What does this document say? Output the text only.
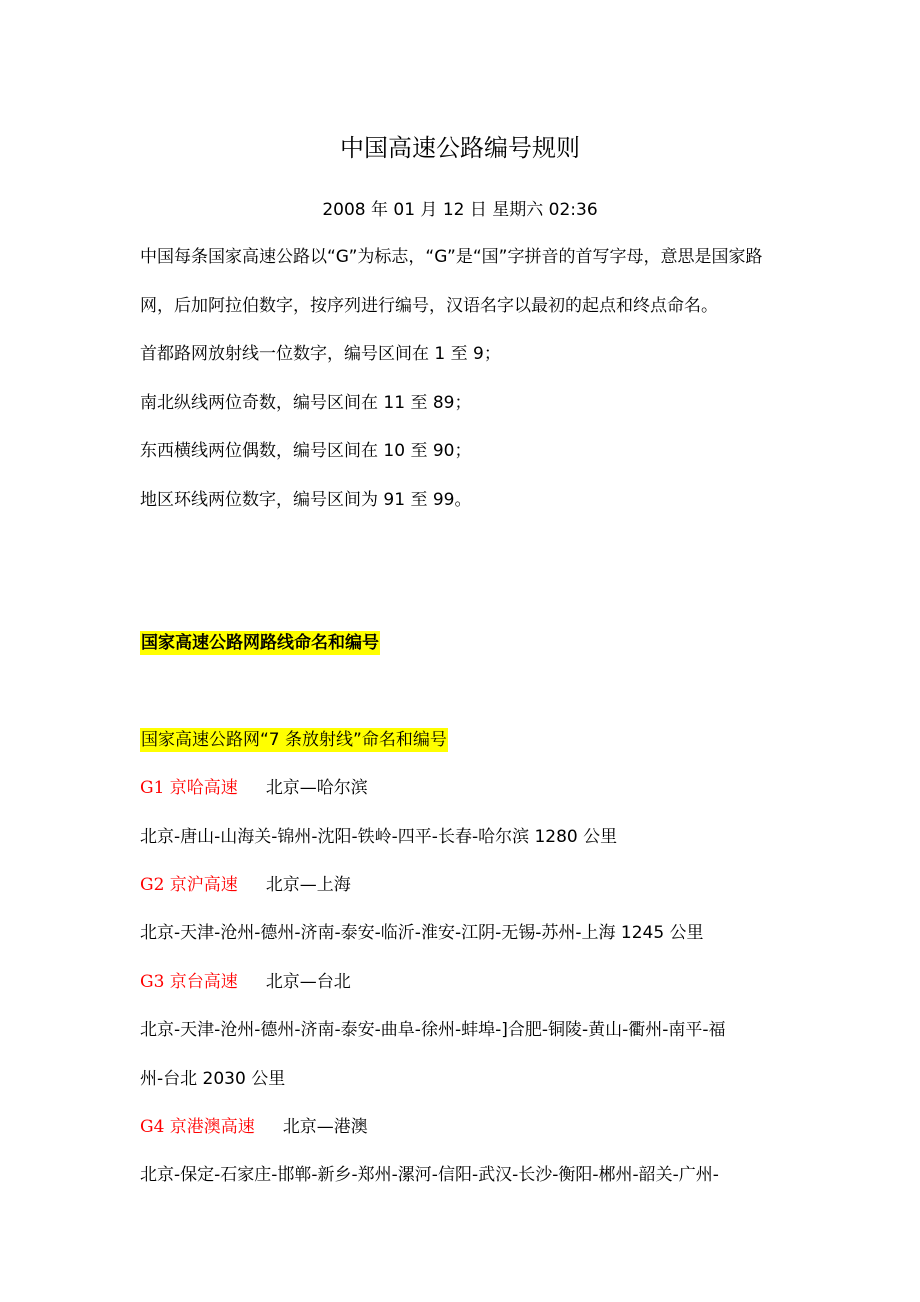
中国高速公路编号规则
2008 年 01 月 12 日 星期六 02:36
中国每条国家高速公路以“G”为标志，“G”是“国”字拼音的首写字母，意思是国家路
网，后加阿拉伯数字，按序列进行编号，汉语名字以最初的起点和终点命名。
首都路网放射线一位数字，编号区间在 1 至 9；
南北纵线两位奇数，编号区间在 11 至 89；
东西横线两位偶数，编号区间在 10 至 90；
地区环线两位数字，编号区间为 91 至 99。
国家高速公路网路线命名和编号
国家高速公路网“7 条放射线”命名和编号
G1 京哈高速 北京—哈尔滨
北京-唐山-山海关-锦州-沈阳-铁岭-四平-长春-哈尔滨 1280 公里
G2 京沪高速 北京—上海
北京-天津-沧州-德州-济南-泰安-临沂-淮安-江阴-无锡-苏州-上海 1245 公里
G3 京台高速 北京—台北
北京-天津-沧州-德州-济南-泰安-曲阜-徐州-蚌埠-]合肥-铜陵-黄山-衢州-南平-福
州-台北 2030 公里
G4 京港澳高速 北京—港澳
北京-保定-石家庄-邯郸-新乡-郑州-漯河-信阳-武汉-长沙-衡阳-郴州-韶关-广州-
